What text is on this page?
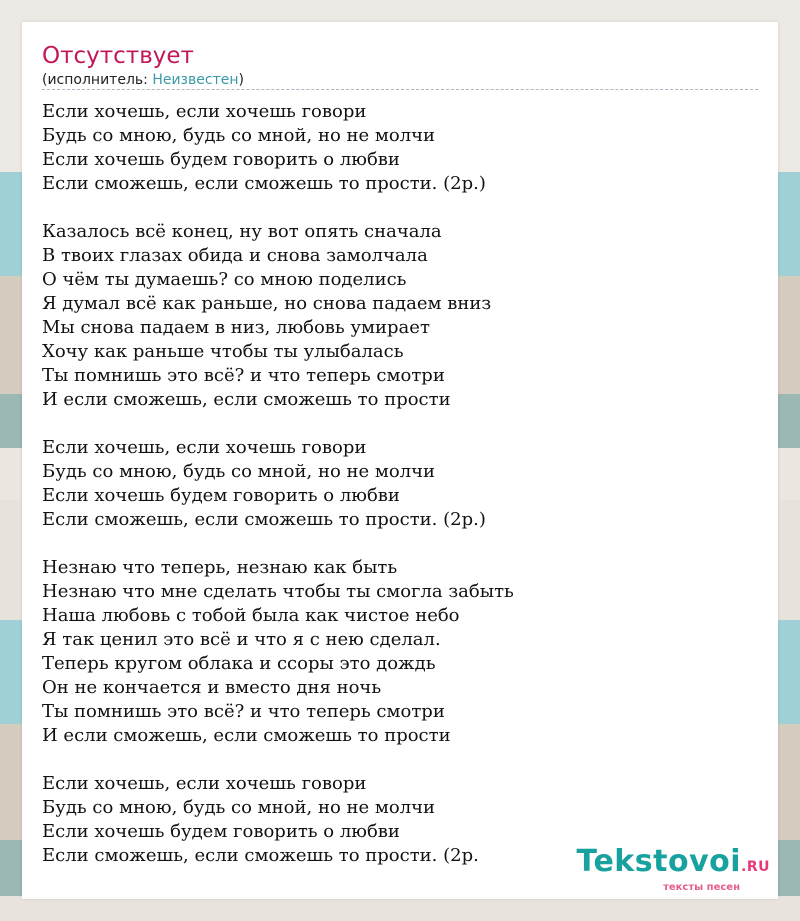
Отсутствует
(исполнитель: Неизвестен)
Если хочешь, если хочешь говори
Будь со мною, будь со мной, но не молчи
Если хочешь будем говорить о любви
Если сможешь, если сможешь то прости. (2р.)
Казалось всё конец, ну вот опять сначала
В твоих глазах обида и снова замолчала
О чём ты думаешь? со мною поделись
Я думал всё как раньше, но снова падаем вниз
Мы снова падаем в низ, любовь умирает
Хочу как раньше чтобы ты улыбалась
Ты помнишь это всё? и что теперь смотри
И если сможешь, если сможешь то прости
Если хочешь, если хочешь говори
Будь со мною, будь со мной, но не молчи
Если хочешь будем говорить о любви
Если сможешь, если сможешь то прости. (2р.)
Незнаю что теперь, незнаю как быть
Незнаю что мне сделать чтобы ты смогла забыть
Наша любовь с тобой была как чистое небо
Я так ценил это всё и что я с нею сделал.
Теперь кругом облака и ссоры это дождь
Он не кончается и вместо дня ночь
Ты помнишь это всё? и что теперь смотри
И если сможешь, если сможешь то прости
Если хочешь, если хочешь говори
Будь со мною, будь со мной, но не молчи
Если хочешь будем говорить о любви
Если сможешь, если сможешь то прости. (2р.	Tekstovoi.RU
тексты песен
